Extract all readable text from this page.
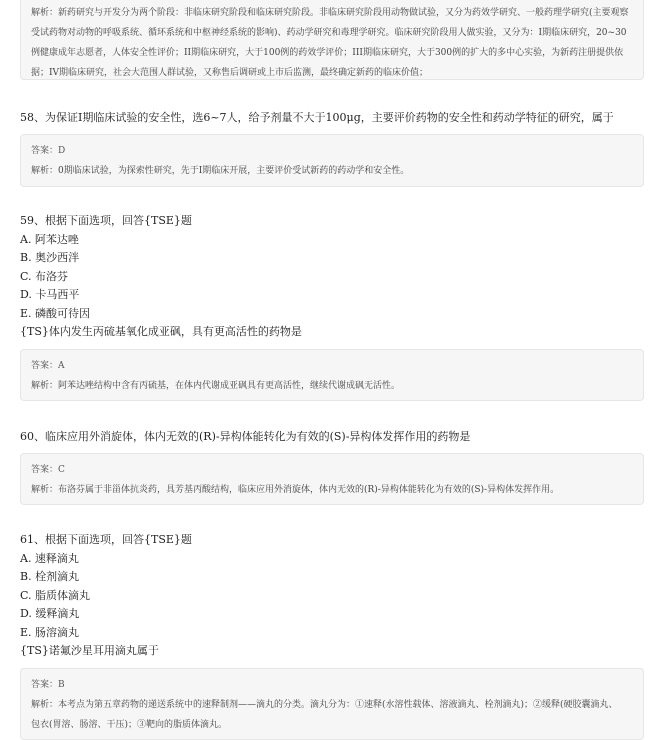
解析：新药研究与开发分为两个阶段：非临床研究阶段和临床研究阶段。非临床研究阶段用动物做试验，又分为药效学研究、一般药理学研究(主要观察
受试药物对动物的呼吸系统、循环系统和中枢神经系统的影响)、药动学研究和毒理学研究。临床研究阶段用人做实验，又分为：I期临床研究，20~30
例健康成年志愿者，人体安全性评价；II期临床研究，大于100例的药效学评价；III期临床研究，大于300例的扩大的多中心实验，为新药注册提供依
据；IV期临床研究，社会大范围人群试验，又称售后调研或上市后监测，最终确定新药的临床价值；
58、为保证I期临床试验的安全性，选6~7人，给予剂量不大于100μg，主要评价药物的安全性和药动学特征的研究，属于
答案：D
解析：0期临床试验，为探索性研究，先于I期临床开展，主要评价受试新药的药动学和安全性。
59、根据下面选项，回答{TSE}题
A. 阿苯达唑
B. 奥沙西泮
C. 布洛芬
D. 卡马西平
E. 磷酸可待因
{TS}体内发生丙硫基氧化成亚砜，具有更高活性的药物是
答案：A
解析：阿苯达唑结构中含有丙硫基，在体内代谢成亚砜具有更高活性，继续代谢成砜无活性。
60、临床应用外消旋体，体内无效的(R)-异构体能转化为有效的(S)-异构体发挥作用的药物是
答案：C
解析：布洛芬属于非甾体抗炎药，具芳基丙酸结构，临床应用外消旋体，体内无效的(R)-异构体能转化为有效的(S)-异构体发挥作用。
61、根据下面选项，回答{TSE}题
A. 速释滴丸
B. 栓剂滴丸
C. 脂质体滴丸
D. 缓释滴丸
E. 肠溶滴丸
{TS}诺氟沙星耳用滴丸属于
答案：B
解析：本考点为第五章药物的递送系统中的速释制剂——滴丸的分类。滴丸分为：①速释(水溶性载体、溶液滴丸、栓剂滴丸)；②缓释(硬胶囊滴丸、
包衣(胃溶、肠溶、干压)；③靶向的脂质体滴丸。
